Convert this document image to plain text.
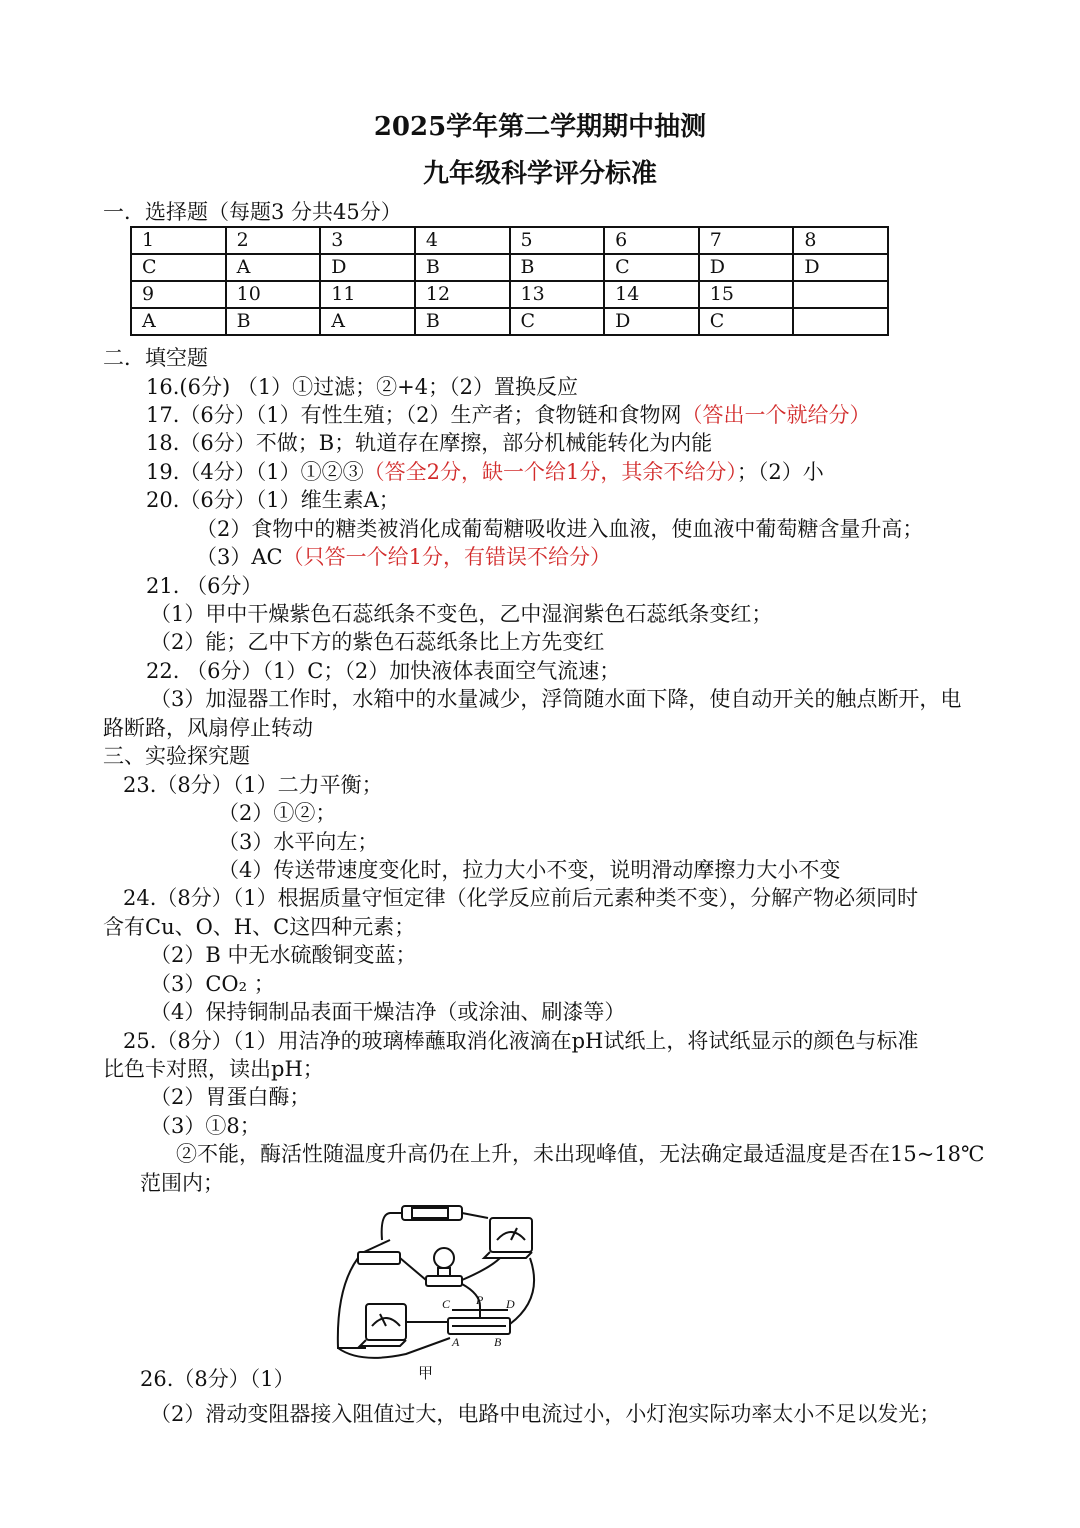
2025学年第二学期期中抽测
九年级科学评分标准
一．选择题（每题3 分共45分）
1	2	3	4	5	6	7	8
C	A	D	B	B	C	D	D
9	10	11	12	13	14	15	
A	B	A	B	C	D	C	
二．填空题
16.(6分) （1）①过滤；②+4；（2）置换反应
17.（6分）（1）有性生殖；（2）生产者；食物链和食物网（答出一个就给分）
18.（6分）不做；B；轨道存在摩擦，部分机械能转化为内能
19.（4分）（1）①②③（答全2分，缺一个给1分，其余不给分）；（2）小
20.（6分）（1）维生素A；
（2）食物中的糖类被消化成葡萄糖吸收进入血液，使血液中葡萄糖含量升高；
（3）AC（只答一个给1分，有错误不给分）
21. （6分）
（1）甲中干燥紫色石蕊纸条不变色，乙中湿润紫色石蕊纸条变红；
（2）能；乙中下方的紫色石蕊纸条比上方先变红
22. （6分）（1）C；（2）加快液体表面空气流速；
（3）加湿器工作时，水箱中的水量减少，浮筒随水面下降，使自动开关的触点断开，电
路断路，风扇停止转动
三、实验探究题
23.（8分）（1）二力平衡；
（2）①②；
（3）水平向左；
（4）传送带速度变化时，拉力大小不变，说明滑动摩擦力大小不变
24.（8分）（1）根据质量守恒定律（化学反应前后元素种类不变），分解产物必须同时
含有Cu、O、H、C这四种元素；
（2）B 中无水硫酸铜变蓝；
（3）CO₂ ；
（4）保持铜制品表面干燥洁净（或涂油、刷漆等）
25.（8分）（1）用洁净的玻璃棒蘸取消化液滴在pH试纸上，将试纸显示的颜色与标准
比色卡对照，读出pH；
（2）胃蛋白酶；
（3）①8；
②不能，酶活性随温度升高仍在上升，未出现峰值，无法确定最适温度是否在15~18℃
范围内；
C P D
A	B
甲
26.（8分）（1）
（2）滑动变阻器接入阻值过大，电路中电流过小，小灯泡实际功率太小不足以发光；
